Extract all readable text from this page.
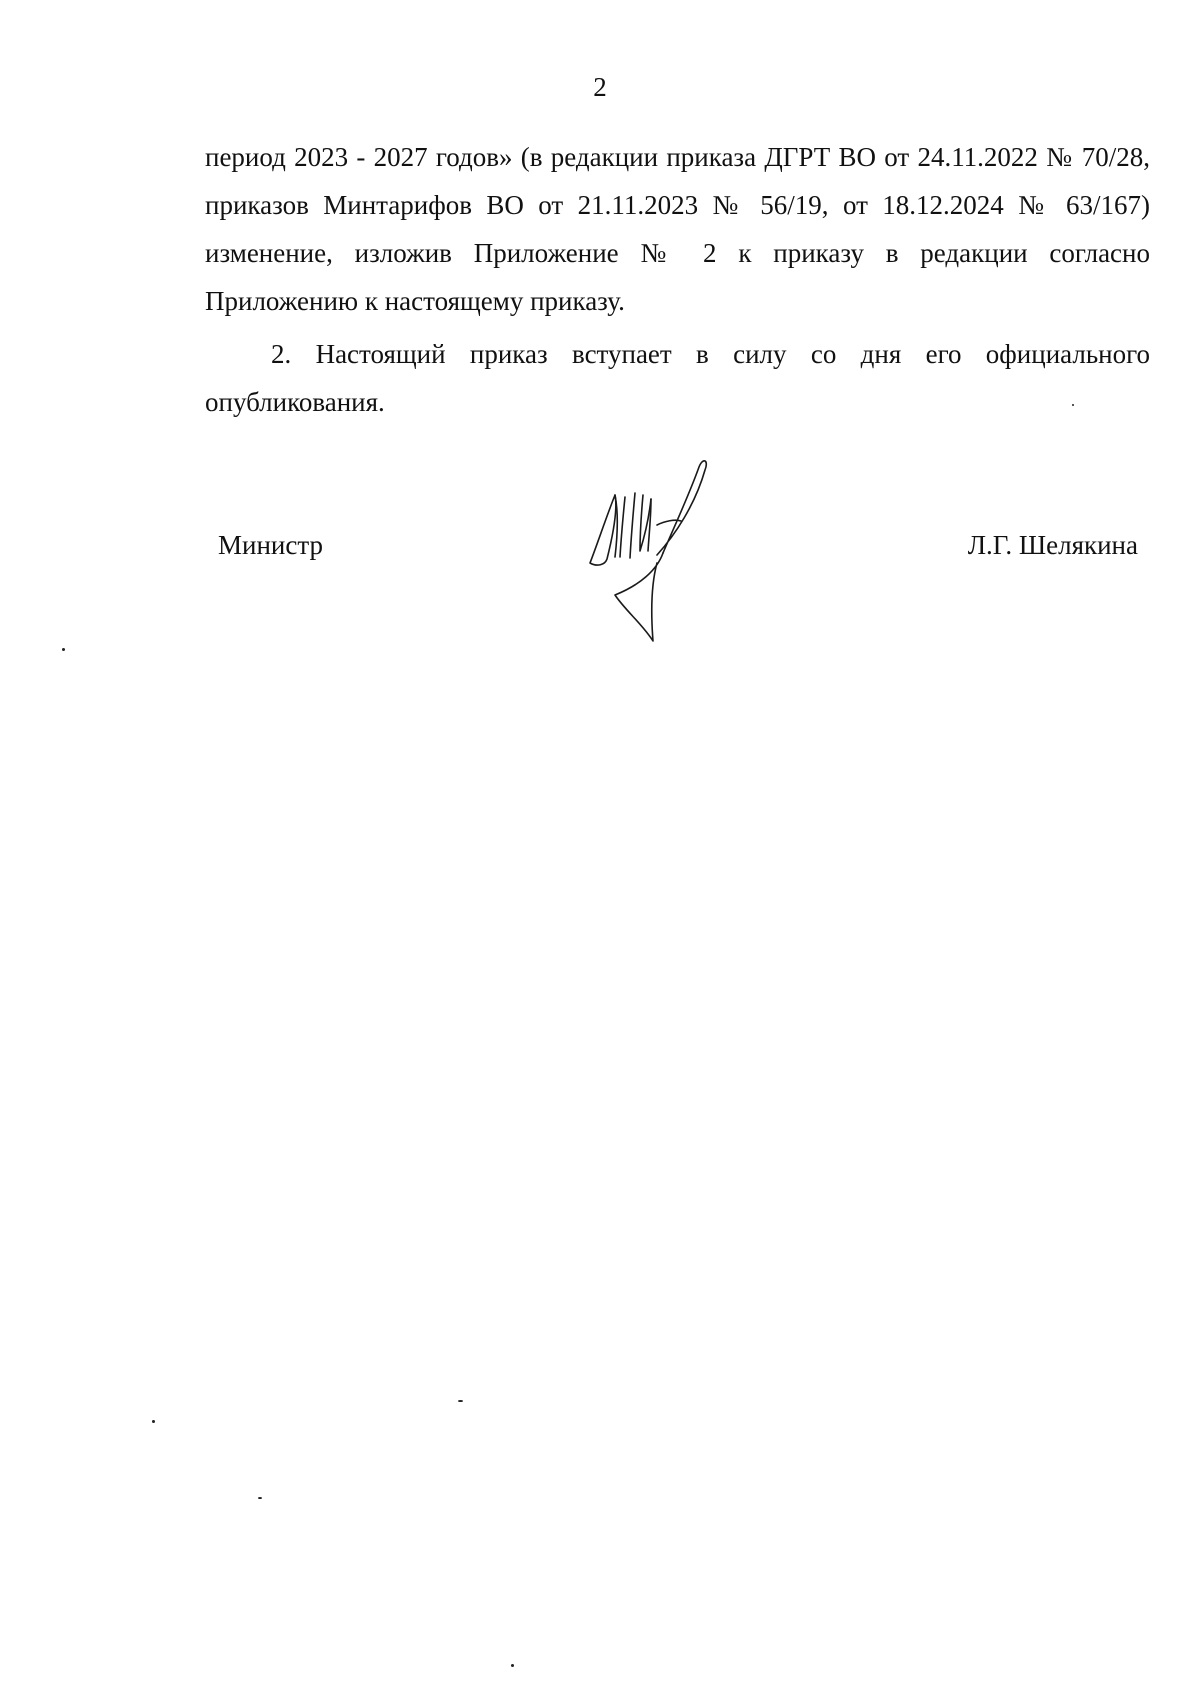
2

период 2023 - 2027 годов» (в редакции приказа ДГРТ ВО от 24.11.2022 № 70/28, приказов Минтарифов ВО от 21.11.2023 № 56/19, от 18.12.2024 № 63/167) изменение, изложив Приложение № 2 к приказу в редакции согласно Приложению к настоящему приказу.

2. Настоящий приказ вступает в силу со дня его официального опубликования.

Министр	Л.Г. Шелякина
